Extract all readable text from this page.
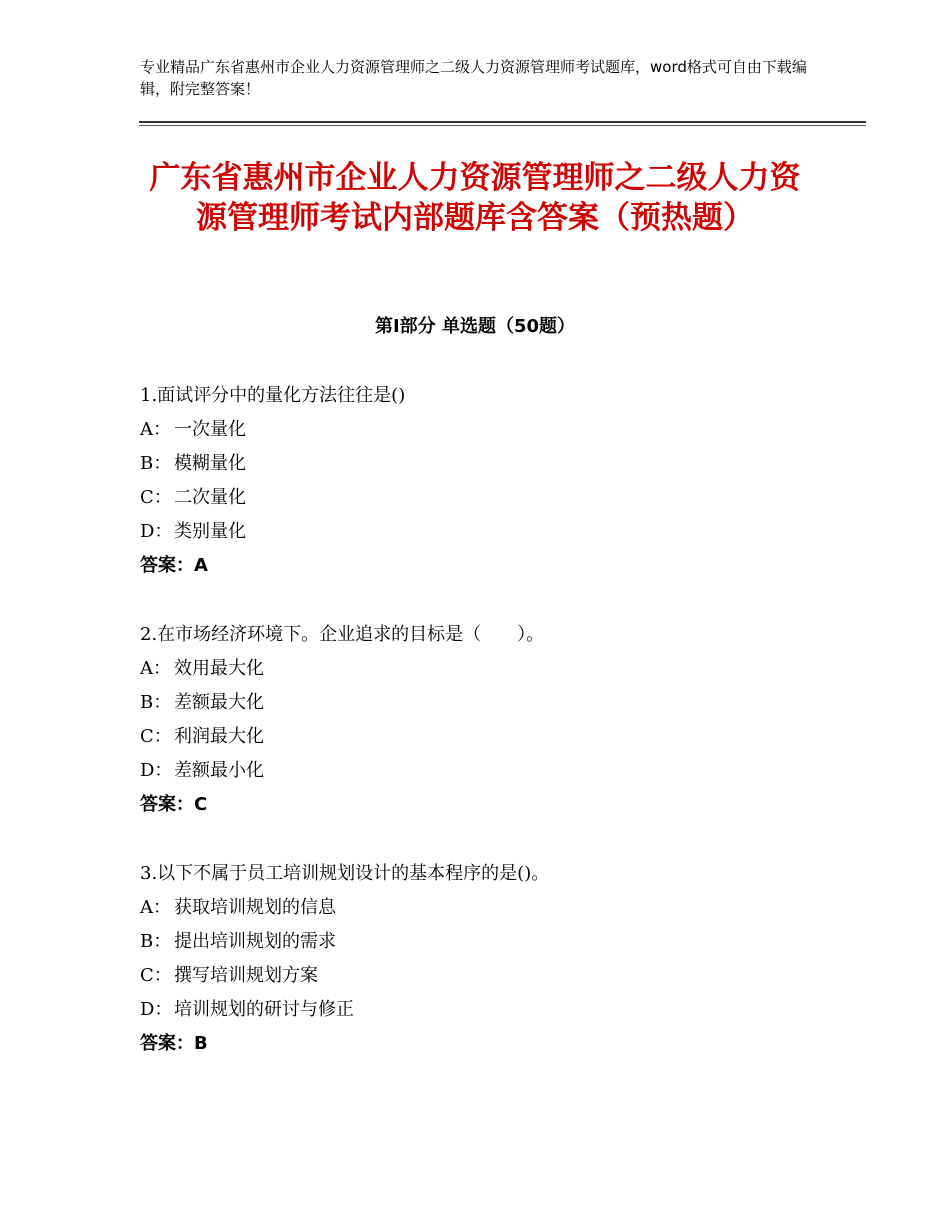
专业精品广东省惠州市企业人力资源管理师之二级人力资源管理师考试题库，word格式可自由下载编辑，附完整答案！
广东省惠州市企业人力资源管理师之二级人力资源管理师考试内部题库含答案（预热题）
第Ⅰ部分 单选题（50题）
1.面试评分中的量化方法往往是()
A： 一次量化
B： 模糊量化
C： 二次量化
D：类别量化
答案：A
2.在市场经济环境下。企业追求的目标是（　　）。
A： 效用最大化
B： 差额最大化
C： 利润最大化
D：差额最小化
答案：C
3.以下不属于员工培训规划设计的基本程序的是()。
A： 获取培训规划的信息
B： 提出培训规划的需求
C： 撰写培训规划方案
D：培训规划的研讨与修正
答案：B
